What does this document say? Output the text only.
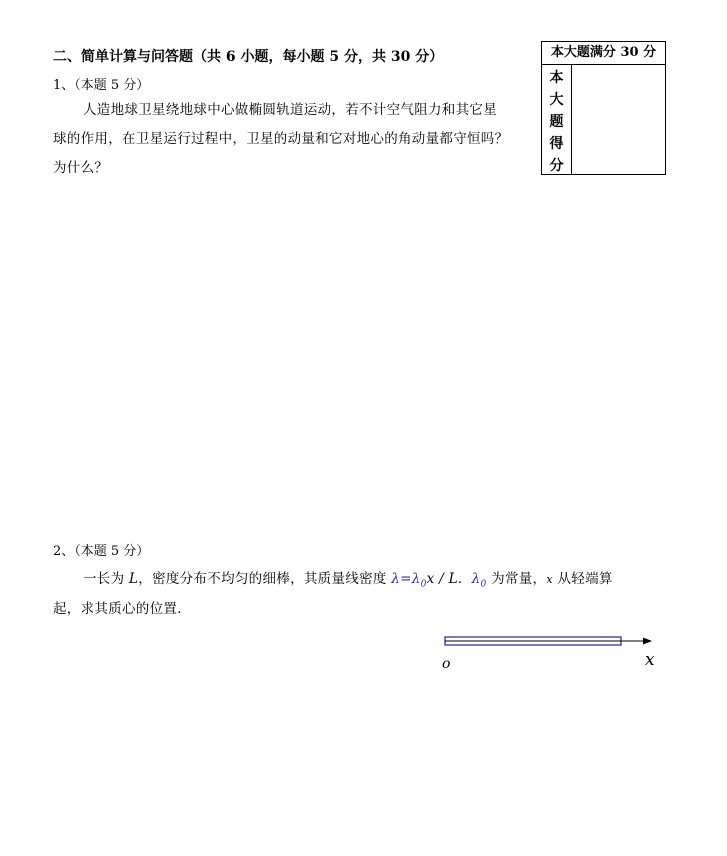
二、简单计算与问答题（共 6 小题，每小题 5 分，共 30 分）	本大题满分 30 分
本
大
题
得
分
1、（本题 5 分）
人造地球卫星绕地球中心做椭圆轨道运动，若不计空气阻力和其它星
球的作用，在卫星运行过程中，卫星的动量和它对地心的角动量都守恒吗？
为什么？
2、（本题 5 分）
一长为 L，密度分布不均匀的细棒，其质量线密度 $\lambda=\lambda_0x / L$．$\lambda_0$ 为常量，x 从轻端算
起，求其质心的位置．
o	x
